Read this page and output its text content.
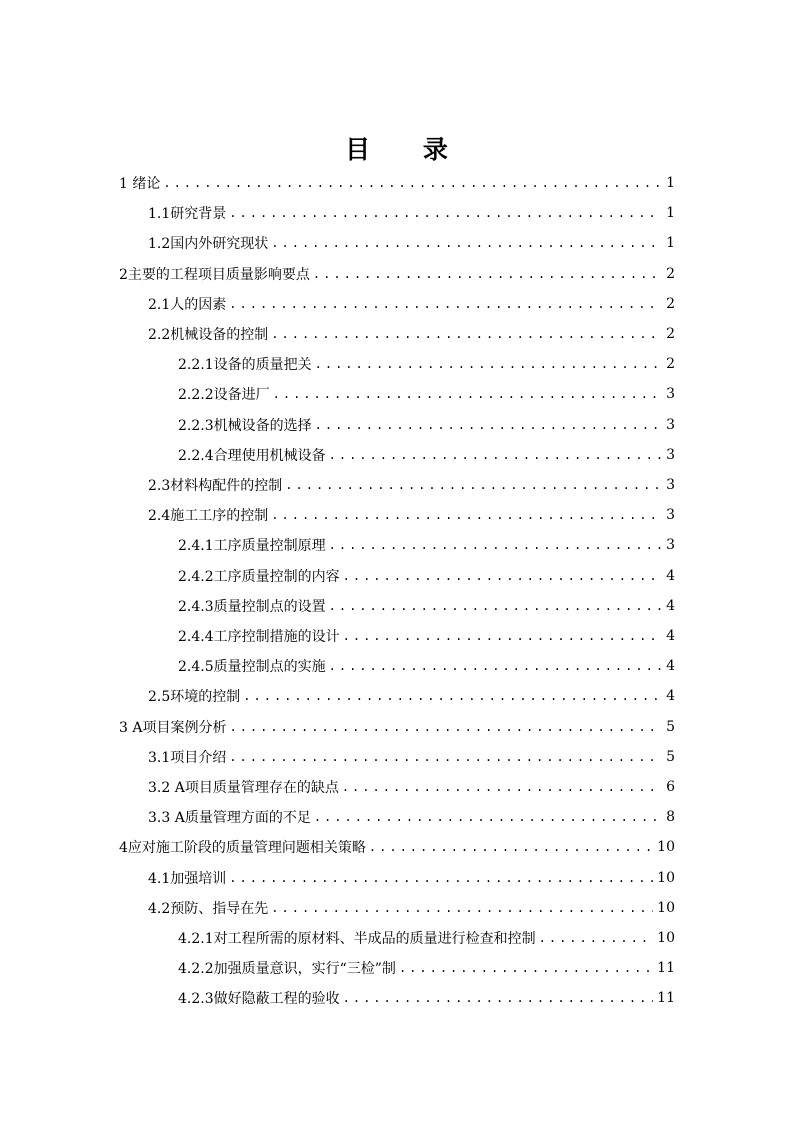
目 录
1 绪论 .....	1
1.1研究背景 .....	1
1.2国内外研究现状 .....	1
2主要的工程项目质量影响要点 .....	2
2.1人的因素 .....	2
2.2机械设备的控制 .....	2
2.2.1设备的质量把关 .....	2
2.2.2设备进厂 .....	3
2.2.3机械设备的选择 .....	3
2.2.4合理使用机械设备 .....	3
2.3材料构配件的控制 .....	3
2.4施工工序的控制 .....	3
2.4.1工序质量控制原理 .....	3
2.4.2工序质量控制的内容 .....	4
2.4.3质量控制点的设置 .....	4
2.4.4工序控制措施的设计 .....	4
2.4.5质量控制点的实施 .....	4
2.5环境的控制 .....	4
3 A项目案例分析 .....	5
3.1项目介绍 .....	5
3.2 A项目质量管理存在的缺点 .....	6
3.3 A质量管理方面的不足 .....	8
4应对施工阶段的质量管理问题相关策略 .....	10
4.1加强培训 .....	10
4.2预防、指导在先 .....	10
4.2.1对工程所需的原材料、半成品的质量进行检查和控制 .....	10
4.2.2加强质量意识，实行“三检”制 .....	11
4.2.3做好隐蔽工程的验收 .....	11
